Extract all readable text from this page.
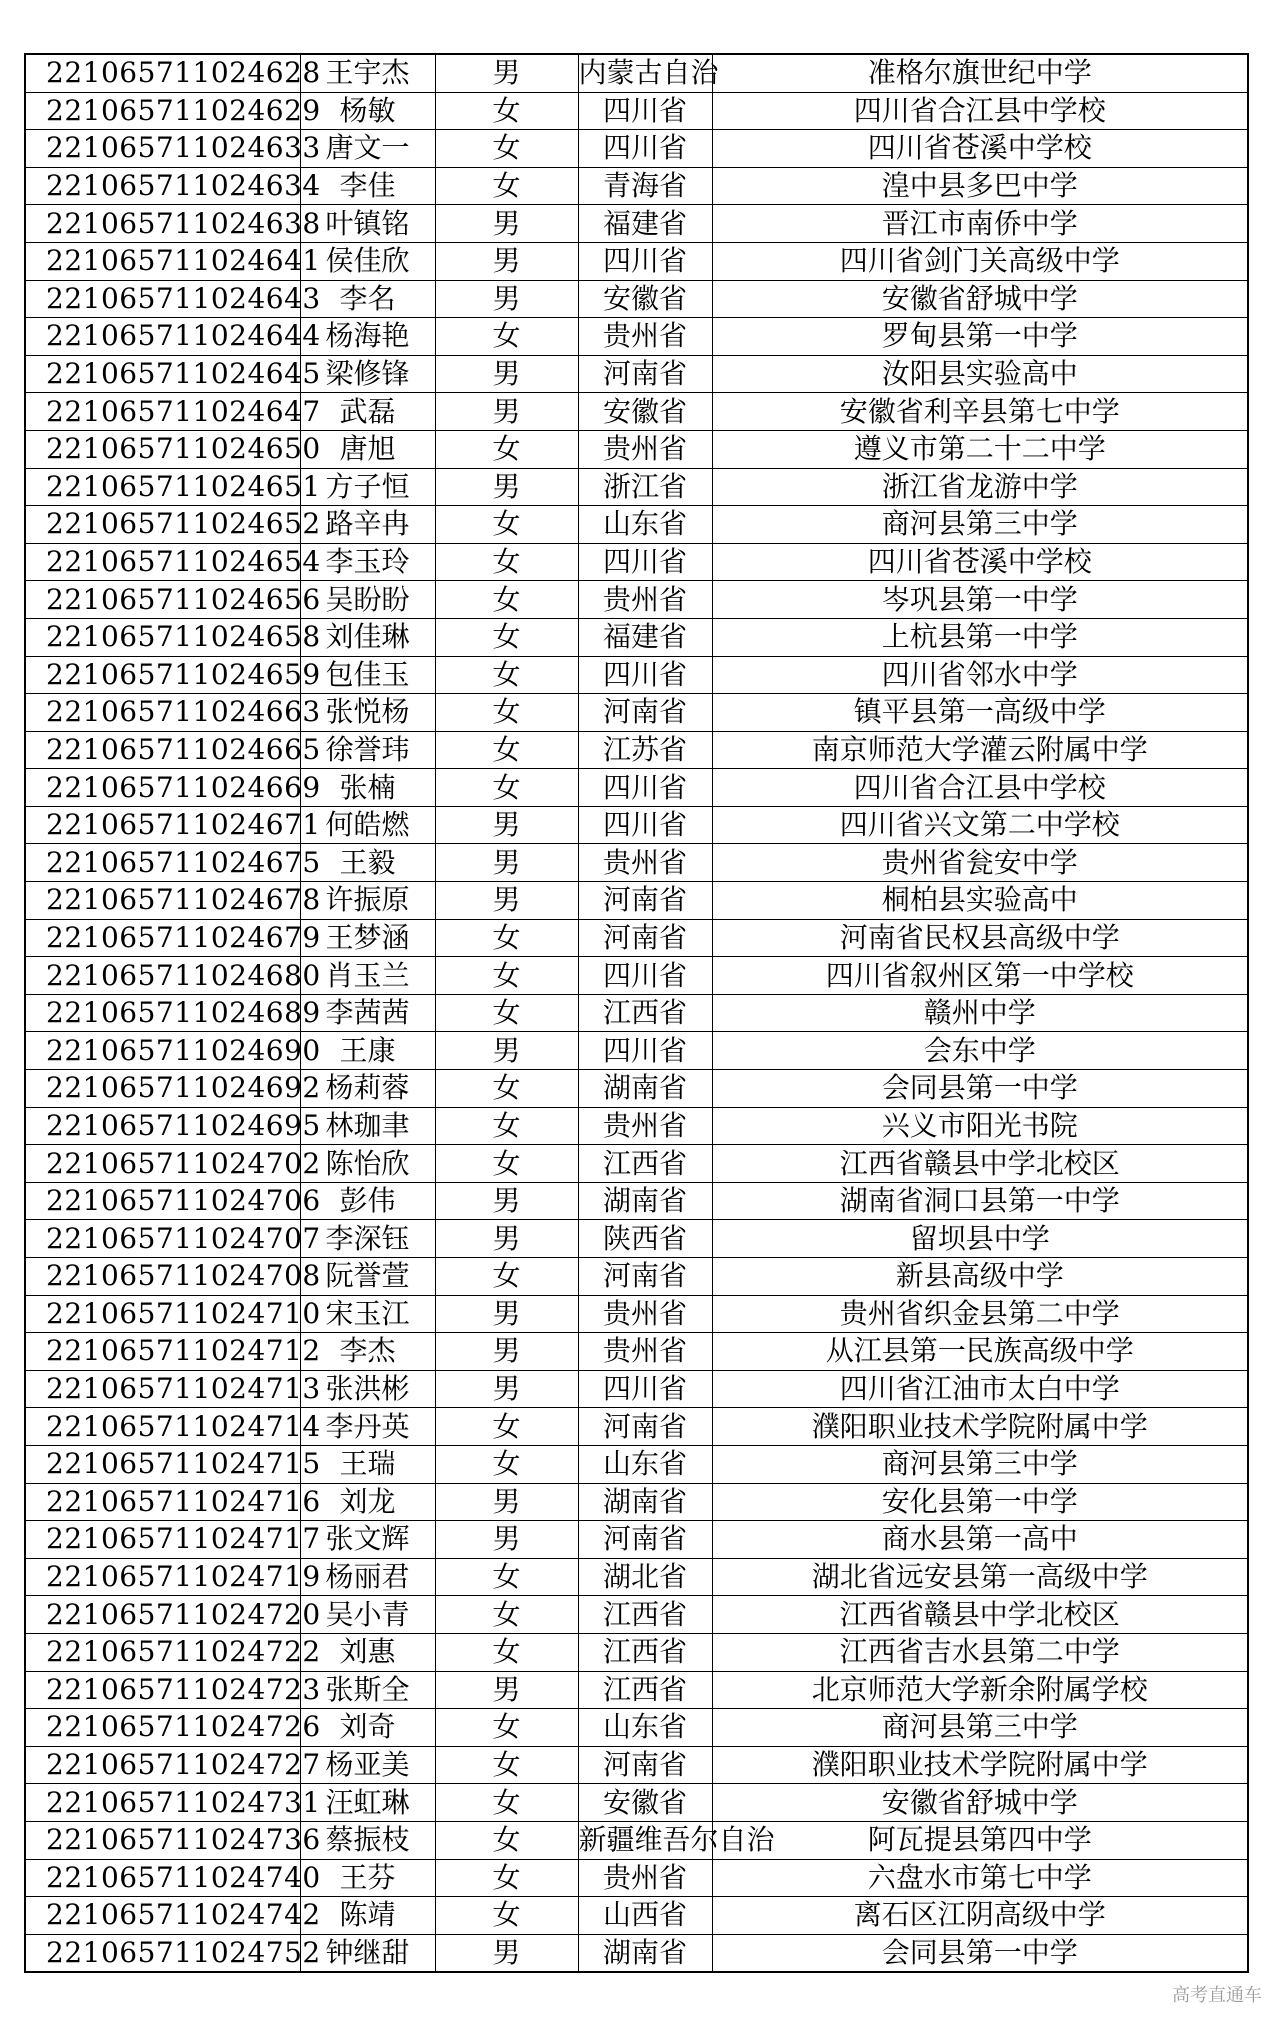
221065711024628	王宇杰	男	内蒙古自治	准格尔旗世纪中学
221065711024629	杨敏	女	四川省	四川省合江县中学校
221065711024633	唐文一	女	四川省	四川省苍溪中学校
221065711024634	李佳	女	青海省	湟中县多巴中学
221065711024638	叶镇铭	男	福建省	晋江市南侨中学
221065711024641	侯佳欣	男	四川省	四川省剑门关高级中学
221065711024643	李名	男	安徽省	安徽省舒城中学
221065711024644	杨海艳	女	贵州省	罗甸县第一中学
221065711024645	梁修锋	男	河南省	汝阳县实验高中
221065711024647	武磊	男	安徽省	安徽省利辛县第七中学
221065711024650	唐旭	女	贵州省	遵义市第二十二中学
221065711024651	方子恒	男	浙江省	浙江省龙游中学
221065711024652	路辛冉	女	山东省	商河县第三中学
221065711024654	李玉玲	女	四川省	四川省苍溪中学校
221065711024656	吴盼盼	女	贵州省	岑巩县第一中学
221065711024658	刘佳琳	女	福建省	上杭县第一中学
221065711024659	包佳玉	女	四川省	四川省邻水中学
221065711024663	张悦杨	女	河南省	镇平县第一高级中学
221065711024665	徐誉玮	女	江苏省	南京师范大学灌云附属中学
221065711024669	张楠	女	四川省	四川省合江县中学校
221065711024671	何皓燃	男	四川省	四川省兴文第二中学校
221065711024675	王毅	男	贵州省	贵州省瓮安中学
221065711024678	许振原	男	河南省	桐柏县实验高中
221065711024679	王梦涵	女	河南省	河南省民权县高级中学
221065711024680	肖玉兰	女	四川省	四川省叙州区第一中学校
221065711024689	李茜茜	女	江西省	赣州中学
221065711024690	王康	男	四川省	会东中学
221065711024692	杨莉蓉	女	湖南省	会同县第一中学
221065711024695	林珈聿	女	贵州省	兴义市阳光书院
221065711024702	陈怡欣	女	江西省	江西省赣县中学北校区
221065711024706	彭伟	男	湖南省	湖南省洞口县第一中学
221065711024707	李深钰	男	陕西省	留坝县中学
221065711024708	阮誉萱	女	河南省	新县高级中学
221065711024710	宋玉江	男	贵州省	贵州省织金县第二中学
221065711024712	李杰	男	贵州省	从江县第一民族高级中学
221065711024713	张洪彬	男	四川省	四川省江油市太白中学
221065711024714	李丹英	女	河南省	濮阳职业技术学院附属中学
221065711024715	王瑞	女	山东省	商河县第三中学
221065711024716	刘龙	男	湖南省	安化县第一中学
221065711024717	张文辉	男	河南省	商水县第一高中
221065711024719	杨丽君	女	湖北省	湖北省远安县第一高级中学
221065711024720	吴小青	女	江西省	江西省赣县中学北校区
221065711024722	刘惠	女	江西省	江西省吉水县第二中学
221065711024723	张斯全	男	江西省	北京师范大学新余附属学校
221065711024726	刘奇	女	山东省	商河县第三中学
221065711024727	杨亚美	女	河南省	濮阳职业技术学院附属中学
221065711024731	汪虹琳	女	安徽省	安徽省舒城中学
221065711024736	蔡振枝	女	新疆维吾尔自治	阿瓦提县第四中学
221065711024740	王芬	女	贵州省	六盘水市第七中学
221065711024742	陈靖	女	山西省	离石区江阴高级中学
221065711024752	钟继甜	男	湖南省	会同县第一中学
高考直通车
